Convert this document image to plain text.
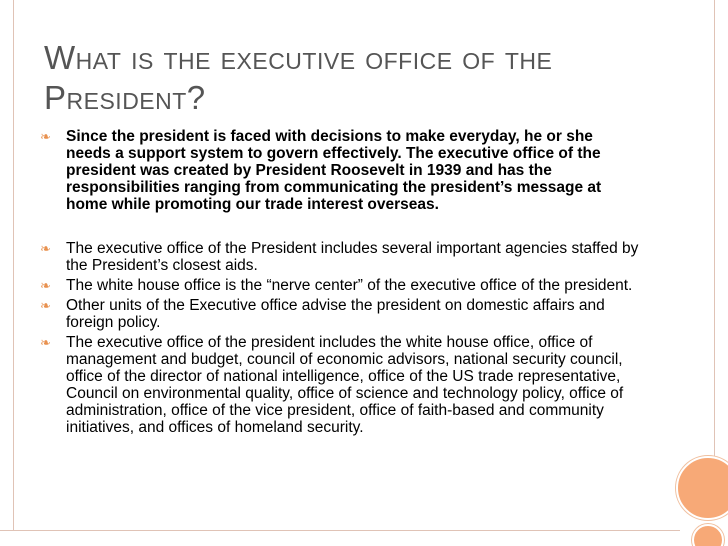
What is the executive office of the President?
❧ Since the president is faced with decisions to make everyday, he or she needs a support system to govern effectively. The executive office of the president was created by President Roosevelt in 1939 and has the responsibilities ranging from communicating the president’s message at home while promoting our trade interest overseas.
❧ The executive office of the President includes several important agencies staffed by the President’s closest aids.
❧ The white house office is the “nerve center” of the executive office of the president.
❧ Other units of the Executive office advise the president on domestic affairs and foreign policy.
❧ The executive office of the president includes the white house office, office of management and budget, council of economic advisors, national security council, office of the director of national intelligence, office of the US trade representative, Council on environmental quality, office of science and technology policy, office of administration, office of the vice president, office of faith-based and community initiatives, and offices of homeland security.
